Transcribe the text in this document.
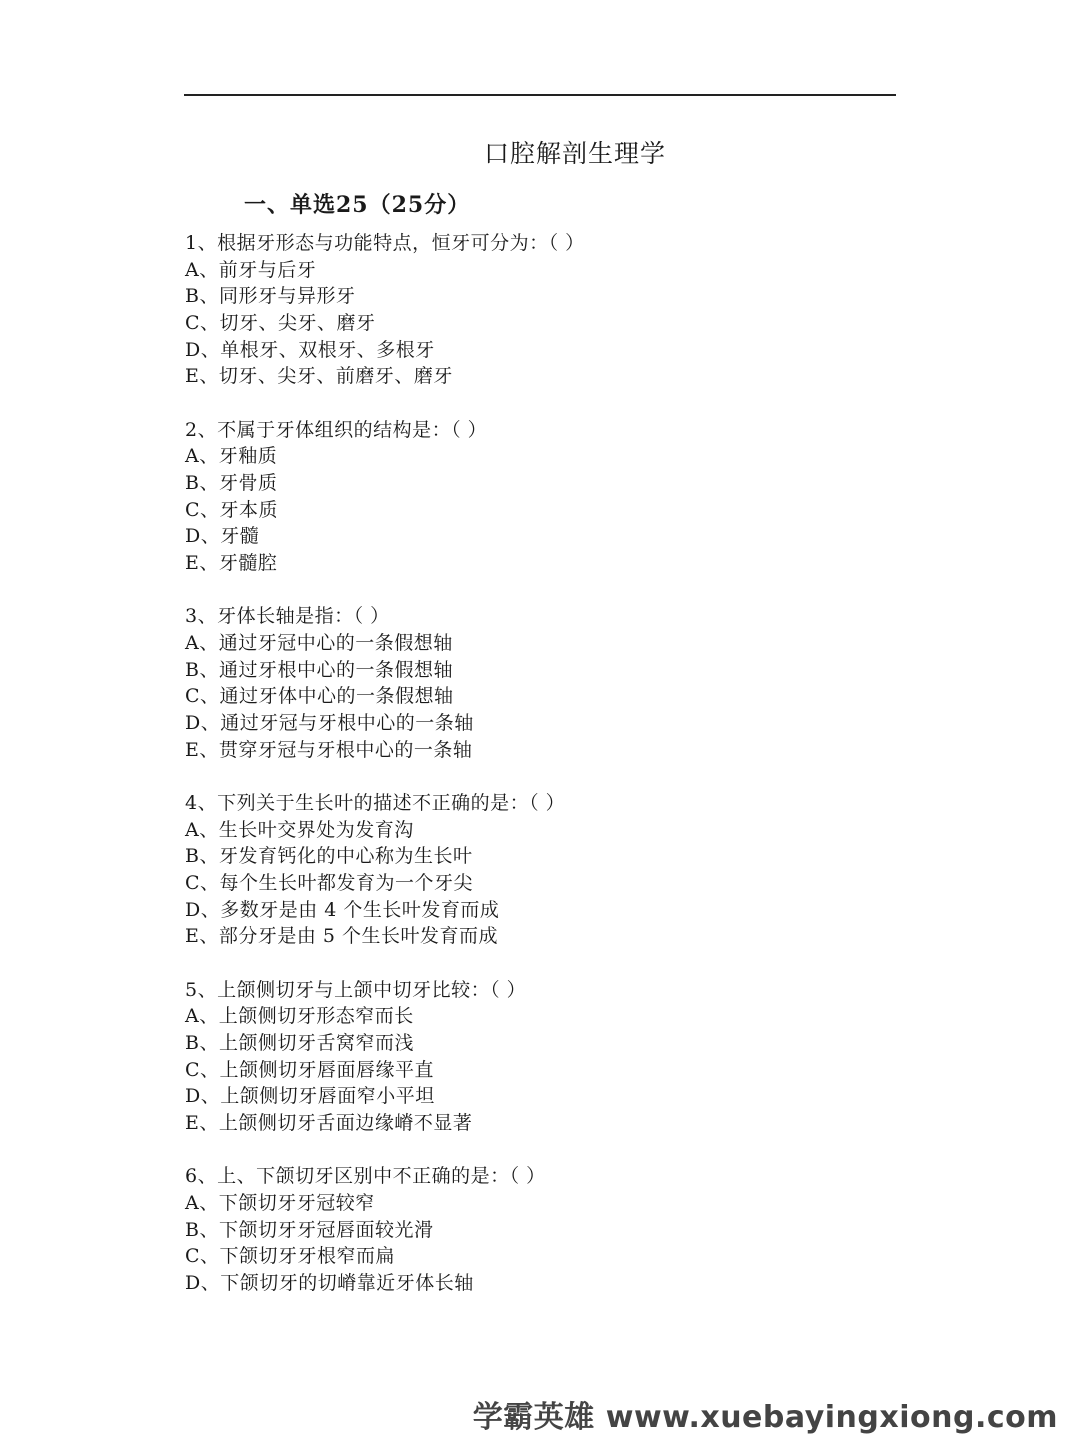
口腔解剖生理学
一、单选25（25分）
1、根据牙形态与功能特点，恒牙可分为：（ ）
A、前牙与后牙
B、同形牙与异形牙
C、切牙、尖牙、磨牙
D、单根牙、双根牙、多根牙
E、切牙、尖牙、前磨牙、磨牙
2、不属于牙体组织的结构是：（ ）
A、牙釉质
B、牙骨质
C、牙本质
D、牙髓
E、牙髓腔
3、牙体长轴是指：（ ）
A、通过牙冠中心的一条假想轴
B、通过牙根中心的一条假想轴
C、通过牙体中心的一条假想轴
D、通过牙冠与牙根中心的一条轴
E、贯穿牙冠与牙根中心的一条轴
4、下列关于生长叶的描述不正确的是：（ ）
A、生长叶交界处为发育沟
B、牙发育钙化的中心称为生长叶
C、每个生长叶都发育为一个牙尖
D、多数牙是由 4 个生长叶发育而成
E、部分牙是由 5 个生长叶发育而成
5、上颌侧切牙与上颌中切牙比较：（ ）
A、上颌侧切牙形态窄而长
B、上颌侧切牙舌窝窄而浅
C、上颌侧切牙唇面唇缘平直
D、上颌侧切牙唇面窄小平坦
E、上颌侧切牙舌面边缘嵴不显著
6、上、下颌切牙区别中不正确的是：（ ）
A、下颌切牙牙冠较窄
B、下颌切牙牙冠唇面较光滑
C、下颌切牙牙根窄而扁
D、下颌切牙的切嵴靠近牙体长轴
学霸英雄 www.xuebayingxiong.com
